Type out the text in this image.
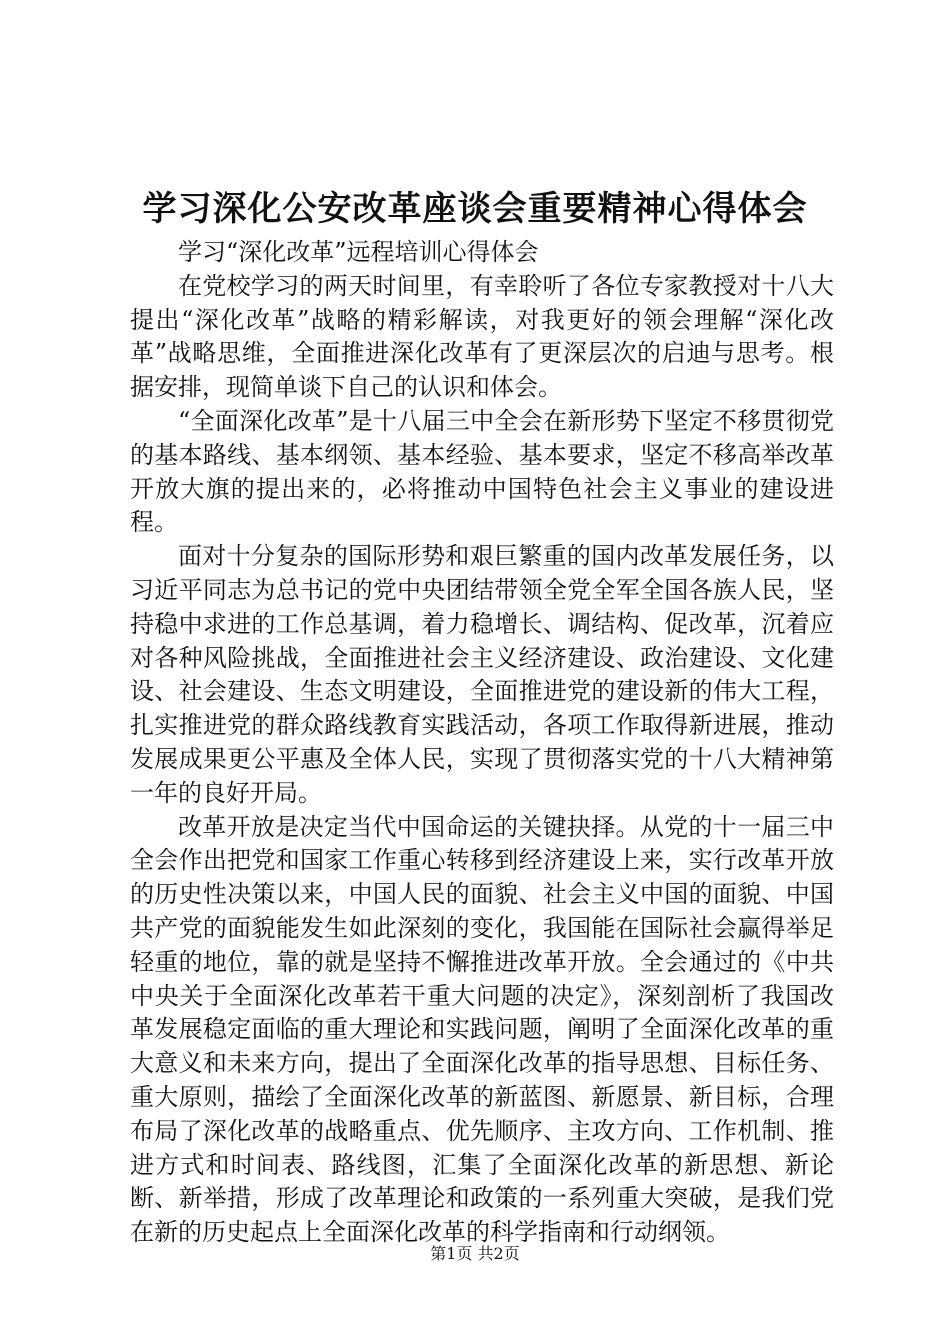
学习深化公安改革座谈会重要精神心得体会

学习“深化改革”远程培训心得体会

在党校学习的两天时间里，有幸聆听了各位专家教授对十八大提出“深化改革”战略的精彩解读，对我更好的领会理解“深化改革”战略思维，全面推进深化改革有了更深层次的启迪与思考。根据安排，现简单谈下自己的认识和体会。

“全面深化改革”是十八届三中全会在新形势下坚定不移贯彻党的基本路线、基本纲领、基本经验、基本要求，坚定不移高举改革开放大旗的提出来的，必将推动中国特色社会主义事业的建设进程。

面对十分复杂的国际形势和艰巨繁重的国内改革发展任务，以习近平同志为总书记的党中央团结带领全党全军全国各族人民，坚持稳中求进的工作总基调，着力稳增长、调结构、促改革，沉着应对各种风险挑战，全面推进社会主义经济建设、政治建设、文化建设、社会建设、生态文明建设，全面推进党的建设新的伟大工程，扎实推进党的群众路线教育实践活动，各项工作取得新进展，推动发展成果更公平惠及全体人民，实现了贯彻落实党的十八大精神第一年的良好开局。

改革开放是决定当代中国命运的关键抉择。从党的十一届三中全会作出把党和国家工作重心转移到经济建设上来，实行改革开放的历史性决策以来，中国人民的面貌、社会主义中国的面貌、中国共产党的面貌能发生如此深刻的变化，我国能在国际社会赢得举足轻重的地位，靠的就是坚持不懈推进改革开放。全会通过的《中共中央关于全面深化改革若干重大问题的决定》，深刻剖析了我国改革发展稳定面临的重大理论和实践问题，阐明了全面深化改革的重大意义和未来方向，提出了全面深化改革的指导思想、目标任务、重大原则，描绘了全面深化改革的新蓝图、新愿景、新目标，合理布局了深化改革的战略重点、优先顺序、主攻方向、工作机制、推进方式和时间表、路线图，汇集了全面深化改革的新思想、新论断、新举措，形成了改革理论和政策的一系列重大突破，是我们党在新的历史起点上全面深化改革的科学指南和行动纲领。

第1页 共2页
